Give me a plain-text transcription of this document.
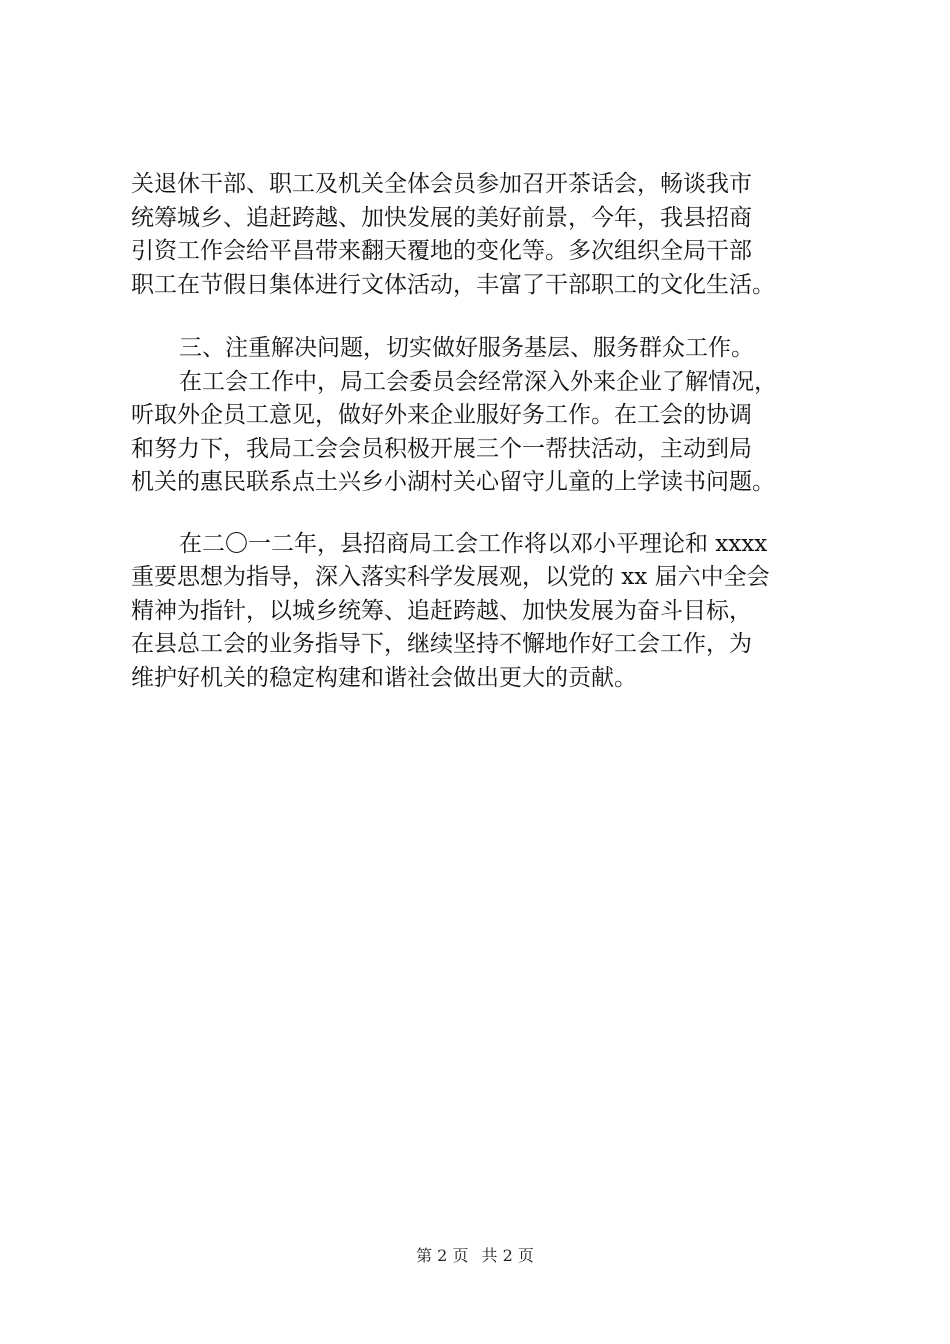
关退休干部、职工及机关全体会员参加召开茶话会，畅谈我市
统筹城乡、追赶跨越、加快发展的美好前景，今年，我县招商
引资工作会给平昌带来翻天覆地的变化等。多次组织全局干部
职工在节假日集体进行文体活动，丰富了干部职工的文化生活。

三、注重解决问题，切实做好服务基层、服务群众工作。

在工会工作中，局工会委员会经常深入外来企业了解情况，
听取外企员工意见，做好外来企业服好务工作。在工会的协调
和努力下，我局工会会员积极开展三个一帮扶活动，主动到局
机关的惠民联系点土兴乡小湖村关心留守儿童的上学读书问题。

在二〇一二年，县招商局工会工作将以邓小平理论和 xxxx
重要思想为指导，深入落实科学发展观，以党的 xx 届六中全会
精神为指针，以城乡统筹、追赶跨越、加快发展为奋斗目标，
在县总工会的业务指导下，继续坚持不懈地作好工会工作，为
维护好机关的稳定构建和谐社会做出更大的贡献。

第 2 页 共 2 页
